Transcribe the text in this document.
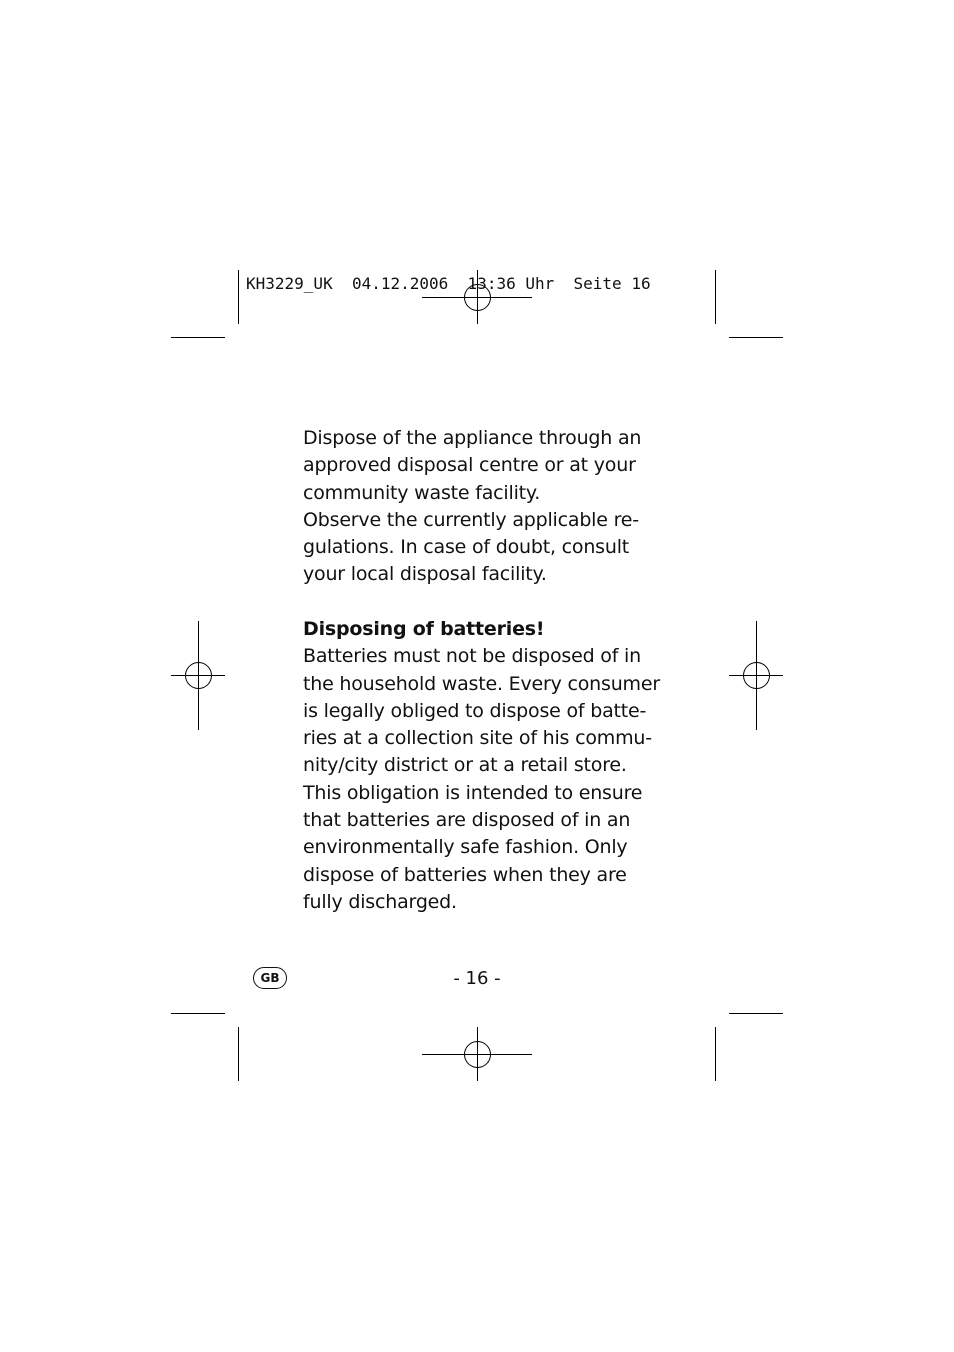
KH3229_UK  04.12.2006  13:36 Uhr  Seite 16
Dispose of the appliance through an
approved disposal centre or at your
community waste facility.
Observe the currently applicable re-
gulations. In case of doubt, consult
your local disposal facility.
Disposing of batteries!
Batteries must not be disposed of in
the household waste. Every consumer
is legally obliged to dispose of batte-
ries at a collection site of his commu-
nity/city district or at a retail store.
This obligation is intended to ensure
that batteries are disposed of in an
environmentally safe fashion. Only
dispose of batteries when they are
fully discharged.
GB	- 16 -
